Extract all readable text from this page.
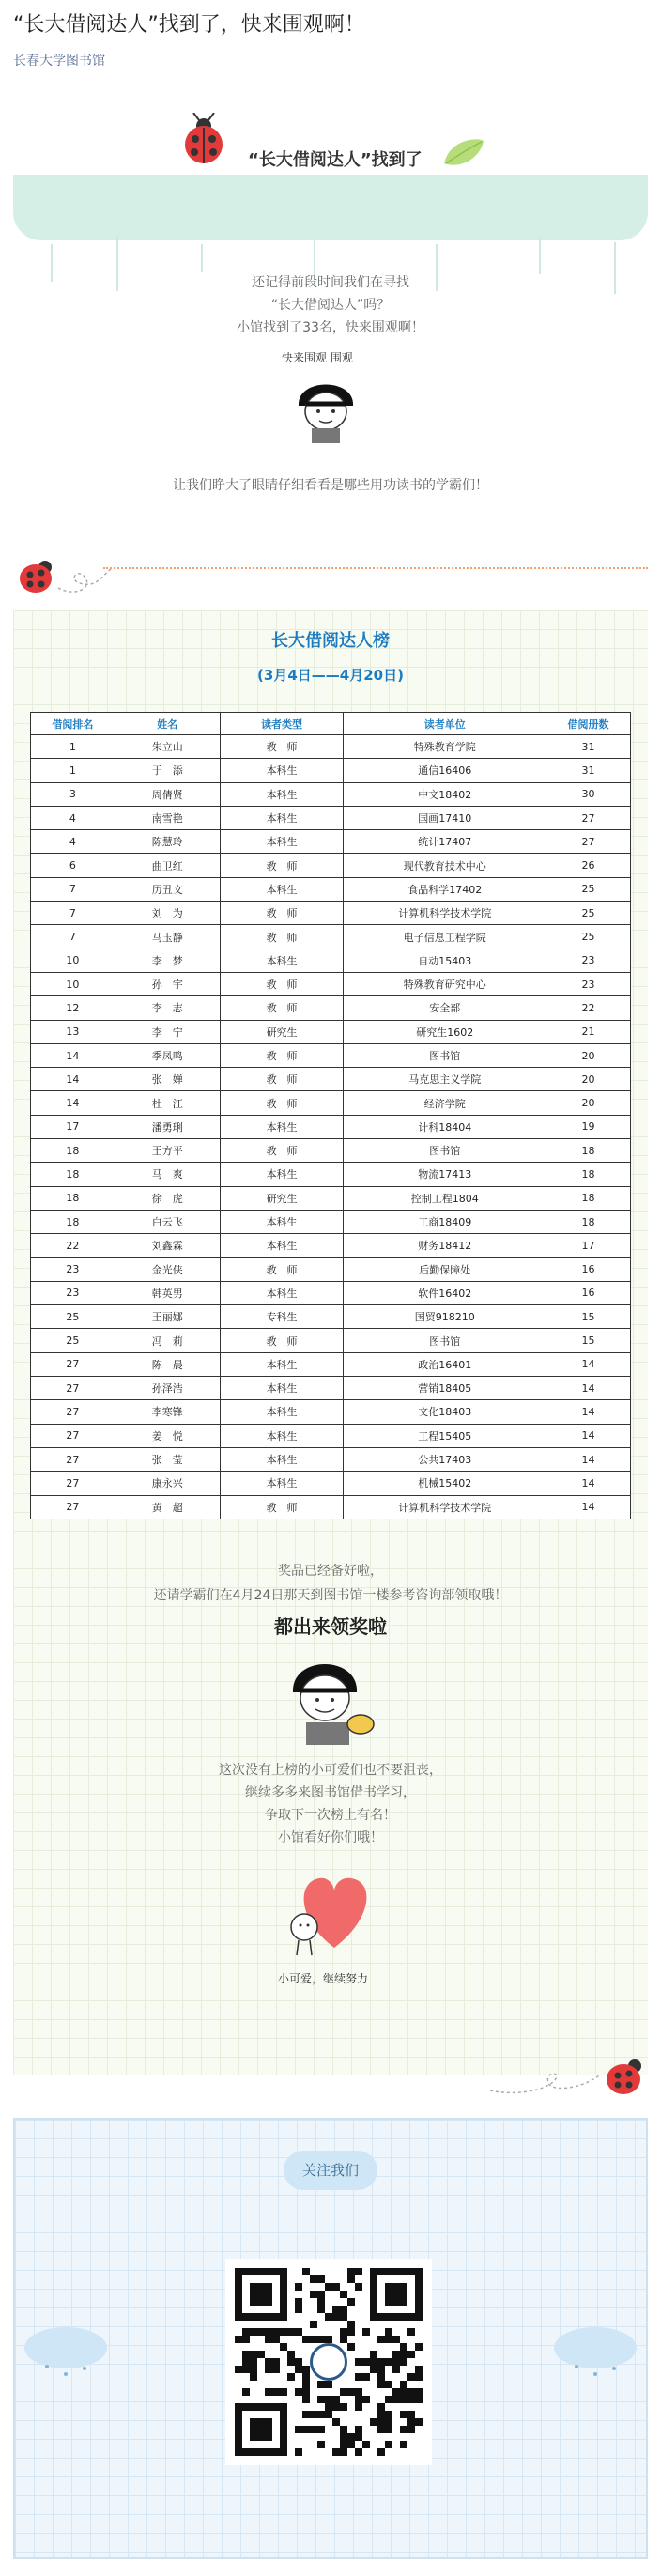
“长大借阅达人”找到了，快来围观啊！
长春大学图书馆
“长大借阅达人”找到了
还记得前段时间我们在寻找
“长大借阅达人”吗？
小馆找到了33名，快来围观啊！
快来围观 围观
让我们睁大了眼睛仔细看看是哪些用功读书的学霸们！
长大借阅达人榜
(3月4日——4月20日)
借阅排名	姓名	读者类型	读者单位	借阅册数
1	朱立山	教　师	特殊教育学院	31
1	于　添	本科生	通信16406	31
3	周倩贤	本科生	中文18402	30
4	南雪艳	本科生	国画17410	27
4	陈慧玲	本科生	统计17407	27
6	曲卫红	教　师	现代教育技术中心	26
7	历丑文	本科生	食品科学17402	25
7	刘　为	教　师	计算机科学技术学院	25
7	马玉静	教　师	电子信息工程学院	25
10	李　梦	本科生	自动15403	23
10	孙　宇	教　师	特殊教育研究中心	23
12	李　志	教　师	安全部	22
13	李　宁	研究生	研究生1602	21
14	季凤鸣	教　师	图书馆	20
14	张　婵	教　师	马克思主义学院	20
14	杜　江	教　师	经济学院	20
17	潘勇琍	本科生	计科18404	19
18	王方平	教　师	图书馆	18
18	马　爽	本科生	物流17413	18
18	徐　虎	研究生	控制工程1804	18
18	白云飞	本科生	工商18409	18
22	刘鑫霖	本科生	财务18412	17
23	金光侠	教　师	后勤保障处	16
23	韩英男	本科生	软件16402	16
25	王丽娜	专科生	国贸918210	15
25	冯　莉	教　师	图书馆	15
27	陈　晨	本科生	政治16401	14
27	孙泽浩	本科生	营销18405	14
27	李寒锋	本科生	文化18403	14
27	姜　悦	本科生	工程15405	14
27	张　莹	本科生	公共17403	14
27	康永兴	本科生	机械15402	14
27	黄　超	教　师	计算机科学技术学院	14
奖品已经备好啦，
还请学霸们在4月24日那天到图书馆一楼参考咨询部领取哦！
都出来领奖啦
这次没有上榜的小可爱们也不要沮丧，
继续多多来图书馆借书学习，
争取下一次榜上有名！
小馆看好你们哦！
小可爱，继续努力
关注我们
